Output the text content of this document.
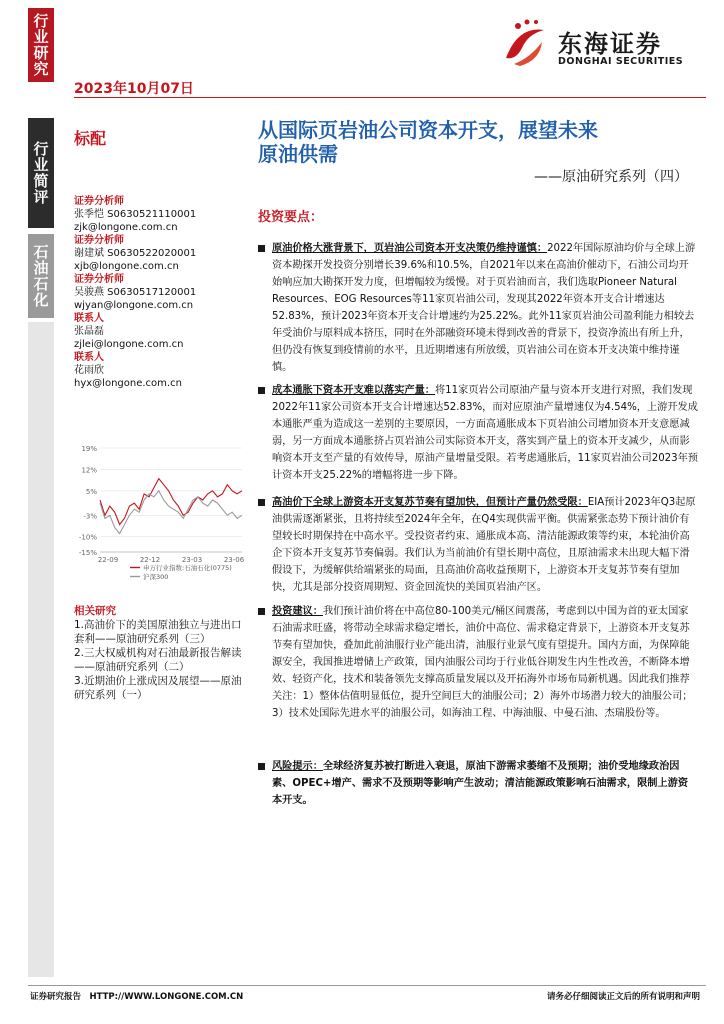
行业研究
行业简评
石油石化
2023年10月07日
东海证券
DONGHAI SECURITIES
标配
证券分析师
张季恺 S0630521110001
zjk@longone.com.cn
证券分析师
谢建斌 S0630522020001
xjb@longone.com.cn
证券分析师
吴骏燕 S0630517120001
wjyan@longone.com.cn
联系人
张晶磊
zjlei@longone.com.cn
联系人
花雨欣
hyx@longone.com.cn
19%
12%
5%
-3%
-10%
-15%
22-09	22-12	23-03	23-06
申万行业指数:石油石化(0775)
沪深300
相关研究
1.高油价下的美国原油独立与进出口套利——原油研究系列（三）
2.三大权威机构对石油最新报告解读——原油研究系列（二）
3.近期油价上涨成因及展望——原油研究系列（一）
从国际页岩油公司资本开支，展望未来
原油供需
——原油研究系列（四）
投资要点：
原油价格大涨背景下，页岩油公司资本开支决策仍维持谨慎：2022年国际原油均价与全球上游资本勘探开发投资分别增长39.6%和10.5%，自2021年以来在高油价催动下，石油公司均开始响应加大勘探开发力度，但增幅较为缓慢。对于页岩油而言，我们选取Pioneer Natural Resources、EOG Resources等11家页岩油公司，发现其2022年资本开支合计增速达52.83%，预计2023年资本开支合计增速约为25.22%。此外11家页岩油公司盈利能力相较去年受油价与原料成本挤压，同时在外部融资环境未得到改善的背景下，投资净流出有所上升，但仍没有恢复到疫情前的水平，且近期增速有所放缓，页岩油公司在资本开支决策中维持谨慎。
成本通胀下资本开支难以落实产量：将11家页岩公司原油产量与资本开支进行对照，我们发现2022年11家公司资本开支合计增速达52.83%，而对应原油产量增速仅为4.54%，上游开发成本通胀严重为造成这一差别的主要原因，一方面高通胀成本下页岩油公司增加资本开支意愿减弱，另一方面成本通胀挤占页岩油公司实际资本开支，落实到产量上的资本开支减少，从而影响资本开支至产量的有效传导，原油产量增量受限。若考虑通胀后，11家页岩油公司2023年预计资本开支25.22%的增幅将进一步下降。
高油价下全球上游资本开支复苏节奏有望加快，但预计产量仍然受限：EIA预计2023年Q3起原油供需逐渐紧张，且将持续至2024年全年，在Q4实现供需平衡。供需紧张态势下预计油价有望较长时期保持在中高水平。受投资者约束、通胀成本高、清洁能源政策等约束，本轮油价高企下资本开支复苏节奏偏弱。我们认为当前油价有望长期中高位，且原油需求未出现大幅下滑假设下，为缓解供给端紧张的局面，且高油价高收益预期下，上游资本开支复苏节奏有望加快，尤其是部分投资周期短、资金回流快的美国页岩油产区。
投资建议：我们预计油价将在中高位80-100美元/桶区间震荡，考虑到以中国为首的亚太国家石油需求旺盛，将带动全球需求稳定增长，油价中高位、需求稳定背景下，上游资本开支复苏节奏有望加快，叠加此前油服行业产能出清，油服行业景气度有望提升。国内方面，为保障能源安全，我国推进增储上产政策，国内油服公司均于行业低谷期发生内生性改善，不断降本增效、轻资产化，技术和装备领先支撑高质量发展以及开拓海外市场布局新机遇。因此我们推荐关注：1）整体估值明显低位，提升空间巨大的油服公司；2）海外市场潜力较大的油服公司；3）技术处国际先进水平的油服公司，如海油工程、中海油服、中曼石油、杰瑞股份等。
风险提示：全球经济复苏被打断进入衰退，原油下游需求萎缩不及预期；油价受地缘政治因素、OPEC+增产、需求不及预期等影响产生波动；清洁能源政策影响石油需求，限制上游资本开支。
证券研究报告　HTTP://WWW.LONGONE.COM.CN	请务必仔细阅读正文后的所有说明和声明
